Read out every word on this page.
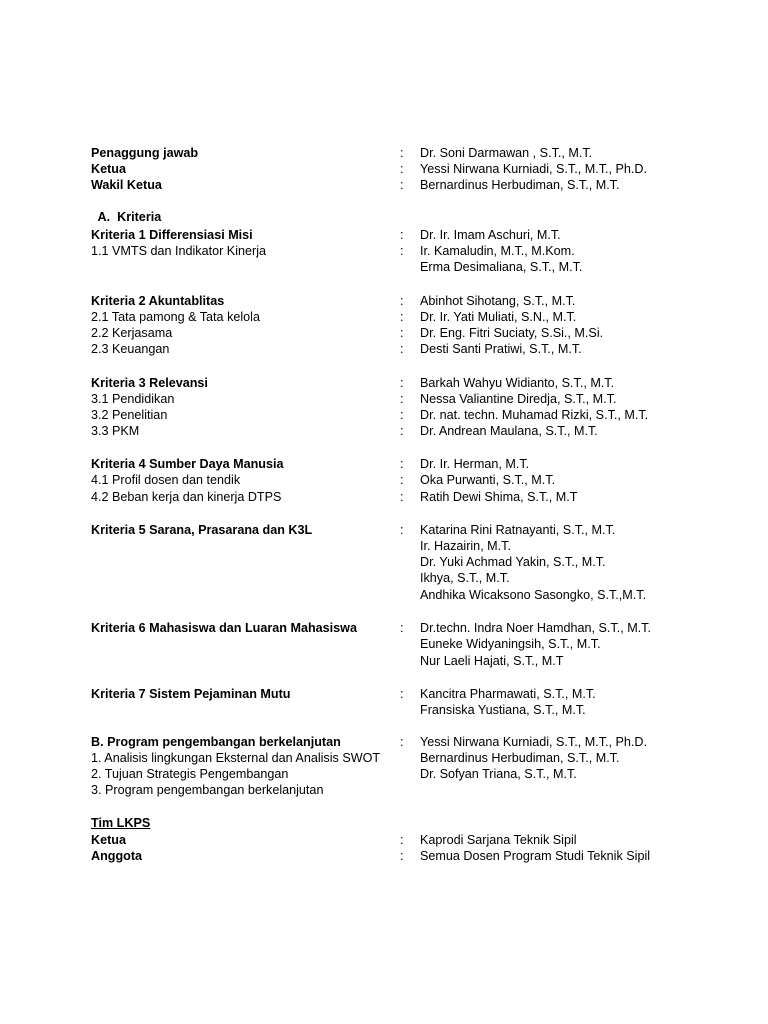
Penaggung jawab	: Dr. Soni Darmawan , S.T., M.T.
Ketua	: Yessi Nirwana Kurniadi, S.T., M.T., Ph.D.
Wakil Ketua	: Bernardinus Herbudiman, S.T., M.T.
A.  Kriteria
Kriteria 1 Differensiasi Misi	: Dr. Ir. Imam Aschuri, M.T.
1.1 VMTS dan Indikator Kinerja	: Ir. Kamaludin, M.T., M.Kom.
Erma Desimaliana, S.T., M.T.
Kriteria 2 Akuntablitas	: Abinhot Sihotang, S.T., M.T.
2.1 Tata pamong & Tata kelola	: Dr. Ir. Yati Muliati, S.N., M.T.
2.2 Kerjasama	: Dr. Eng. Fitri Suciaty, S.Si., M.Si.
2.3 Keuangan	: Desti Santi Pratiwi, S.T., M.T.
Kriteria 3 Relevansi	: Barkah Wahyu Widianto, S.T., M.T.
3.1 Pendidikan	: Nessa Valiantine Diredja, S.T., M.T.
3.2 Penelitian	: Dr. nat. techn. Muhamad Rizki, S.T., M.T.
3.3 PKM	: Dr. Andrean Maulana, S.T., M.T.
Kriteria 4 Sumber Daya Manusia	: Dr. Ir. Herman, M.T.
4.1 Profil dosen dan tendik	: Oka Purwanti, S.T., M.T.
4.2 Beban kerja dan kinerja DTPS	: Ratih Dewi Shima, S.T., M.T
Kriteria 5 Sarana, Prasarana dan K3L	: Katarina Rini Ratnayanti, S.T., M.T.
Ir. Hazairin, M.T.
Dr. Yuki Achmad Yakin, S.T., M.T.
Ikhya, S.T., M.T.
Andhika Wicaksono Sasongko, S.T.,M.T.
Kriteria 6 Mahasiswa dan Luaran Mahasiswa	: Dr.techn. Indra Noer Hamdhan, S.T., M.T.
Euneke Widyaningsih, S.T., M.T.
Nur Laeli Hajati, S.T., M.T
Kriteria 7 Sistem Pejaminan Mutu	: Kancitra Pharmawati, S.T., M.T.
Fransiska Yustiana, S.T., M.T.
B. Program pengembangan berkelanjutan	: Yessi Nirwana Kurniadi, S.T., M.T., Ph.D.
1. Analisis lingkungan Eksternal dan Analisis SWOT	Bernardinus Herbudiman, S.T., M.T.
2. Tujuan Strategis Pengembangan	Dr. Sofyan Triana, S.T., M.T.
3. Program pengembangan berkelanjutan
Tim LKPS
Ketua	: Kaprodi Sarjana Teknik Sipil
Anggota	: Semua Dosen Program Studi Teknik Sipil
